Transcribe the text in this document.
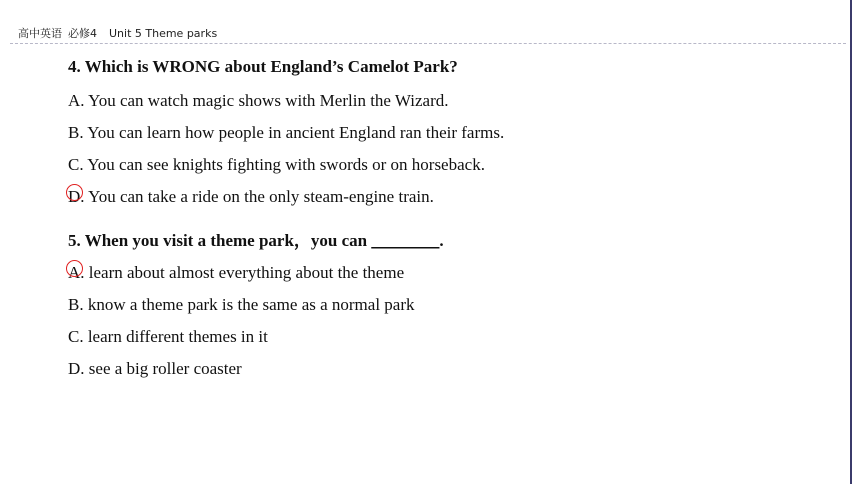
高中英语 必修4 Unit 5 Theme parks
4. Which is WRONG about England’s Camelot Park?
A. You can watch magic shows with Merlin the Wizard.
B. You can learn how people in ancient England ran their farms.
C. You can see knights fighting with swords or on horseback.
D. You can take a ride on the only steam-engine train.
5. When you visit a theme park，you can ________.
A. learn about almost everything about the theme
B. know a theme park is the same as a normal park
C. learn different themes in it
D. see a big roller coaster
